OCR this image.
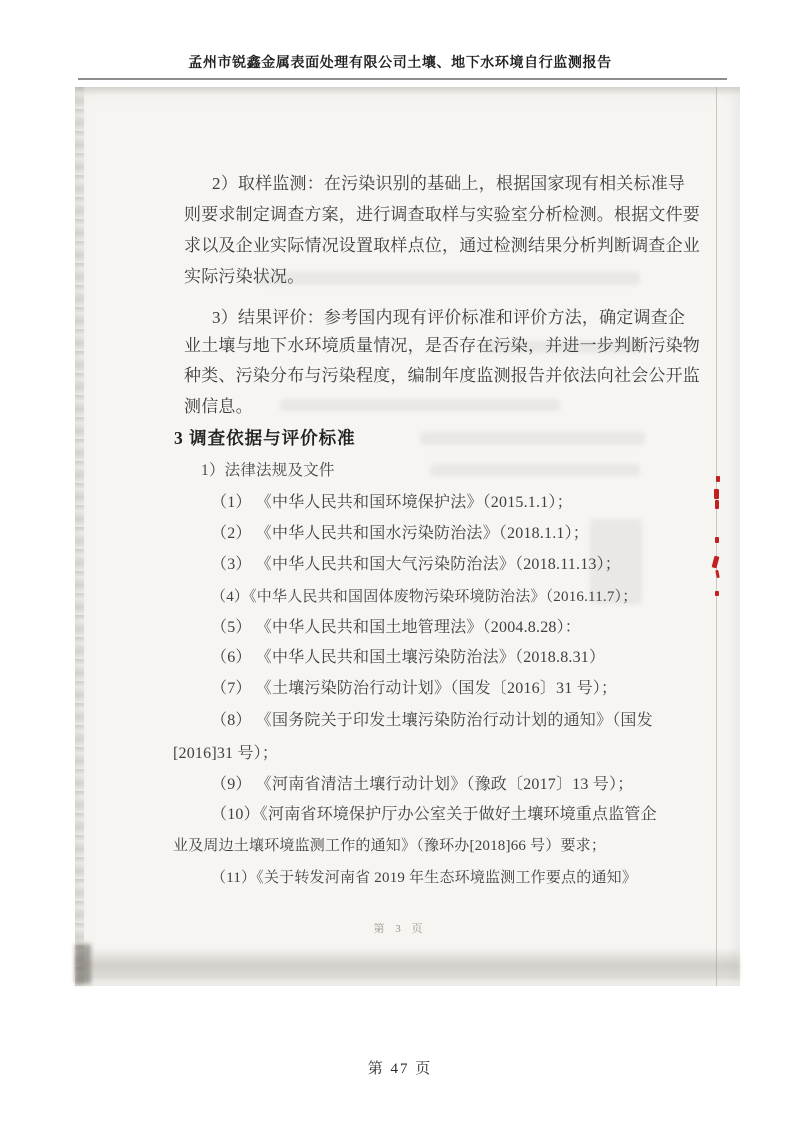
孟州市锐鑫金属表面处理有限公司土壤、地下水环境自行监测报告
2）取样监测：在污染识别的基础上，根据国家现有相关标准导
则要求制定调查方案，进行调查取样与实验室分析检测。根据文件要
求以及企业实际情况设置取样点位，通过检测结果分析判断调查企业
实际污染状况。
3）结果评价：参考国内现有评价标准和评价方法，确定调查企
业土壤与地下水环境质量情况，是否存在污染，并进一步判断污染物
种类、污染分布与污染程度，编制年度监测报告并依法向社会公开监
测信息。
3 调查依据与评价标准
1）法律法规及文件
（1） 《中华人民共和国环境保护法》（2015.1.1）；
（2） 《中华人民共和国水污染防治法》（2018.1.1）；
（3） 《中华人民共和国大气污染防治法》（2018.11.13）；
（4）《中华人民共和国固体废物污染环境防治法》（2016.11.7）；
（5） 《中华人民共和国土地管理法》（2004.8.28）：
（6） 《中华人民共和国土壤污染防治法》（2018.8.31）
（7） 《土壤污染防治行动计划》（国发〔2016〕31 号）；
（8） 《国务院关于印发土壤污染防治行动计划的通知》（国发
[2016]31 号）；
（9） 《河南省清洁土壤行动计划》（豫政〔2017〕13 号）；
（10）《河南省环境保护厅办公室关于做好土壤环境重点监管企
业及周边土壤环境监测工作的通知》（豫环办[2018]66 号）要求；
（11）《关于转发河南省 2019 年生态环境监测工作要点的通知》
第 3 页
第 47 页
